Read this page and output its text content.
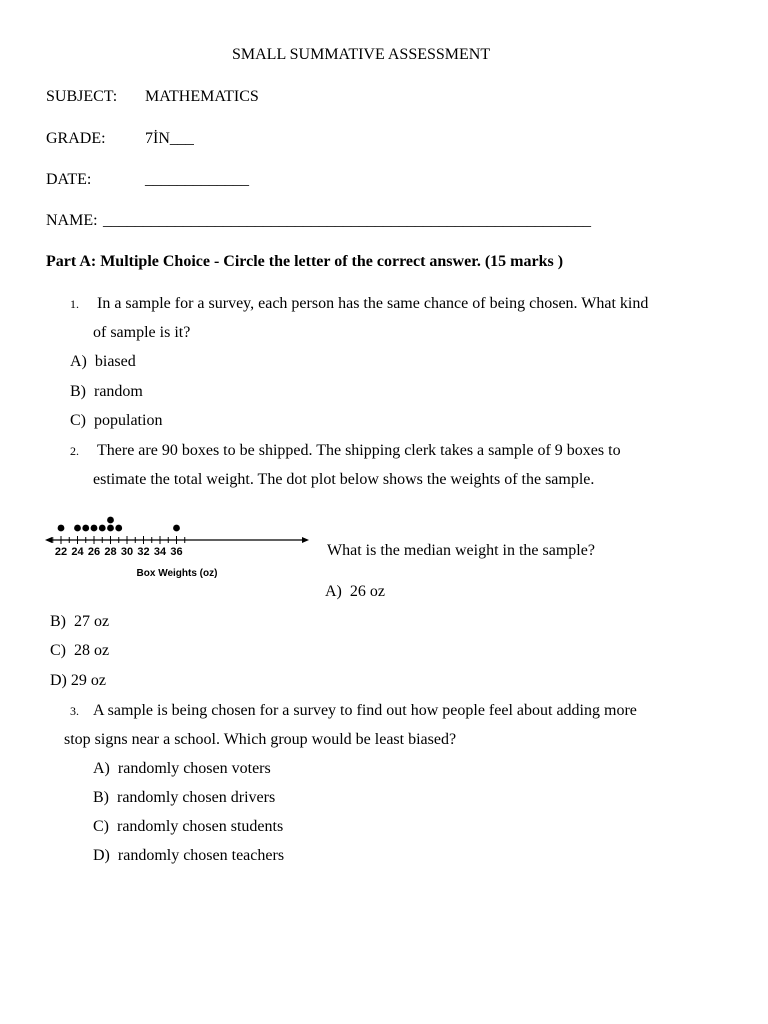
SMALL SUMMATIVE ASSESSMENT
SUBJECT: MATHEMATICS
GRADE: 7İN___
DATE:	_____________
NAME: _____________________________________________________________
Part A: Multiple Choice - Circle the letter of the correct answer. (15 marks )
1. In a sample for a survey, each person has the same chance of being chosen. What kind
of sample is it?
A)  biased
B)  random
C)  population
2. There are 90 boxes to be shipped. The shipping clerk takes a sample of 9 boxes to
estimate the total weight. The dot plot below shows the weights of the sample.
22 24 26 28 30 32 34 36
Box Weights (oz)
What is the median weight in the sample?
A)  26 oz
B)  27 oz
C)  28 oz
D) 29 oz
3. A sample is being chosen for a survey to find out how people feel about adding more
stop signs near a school. Which group would be least biased?
A)  randomly chosen voters
B)  randomly chosen drivers
C)  randomly chosen students
D)  randomly chosen teachers
